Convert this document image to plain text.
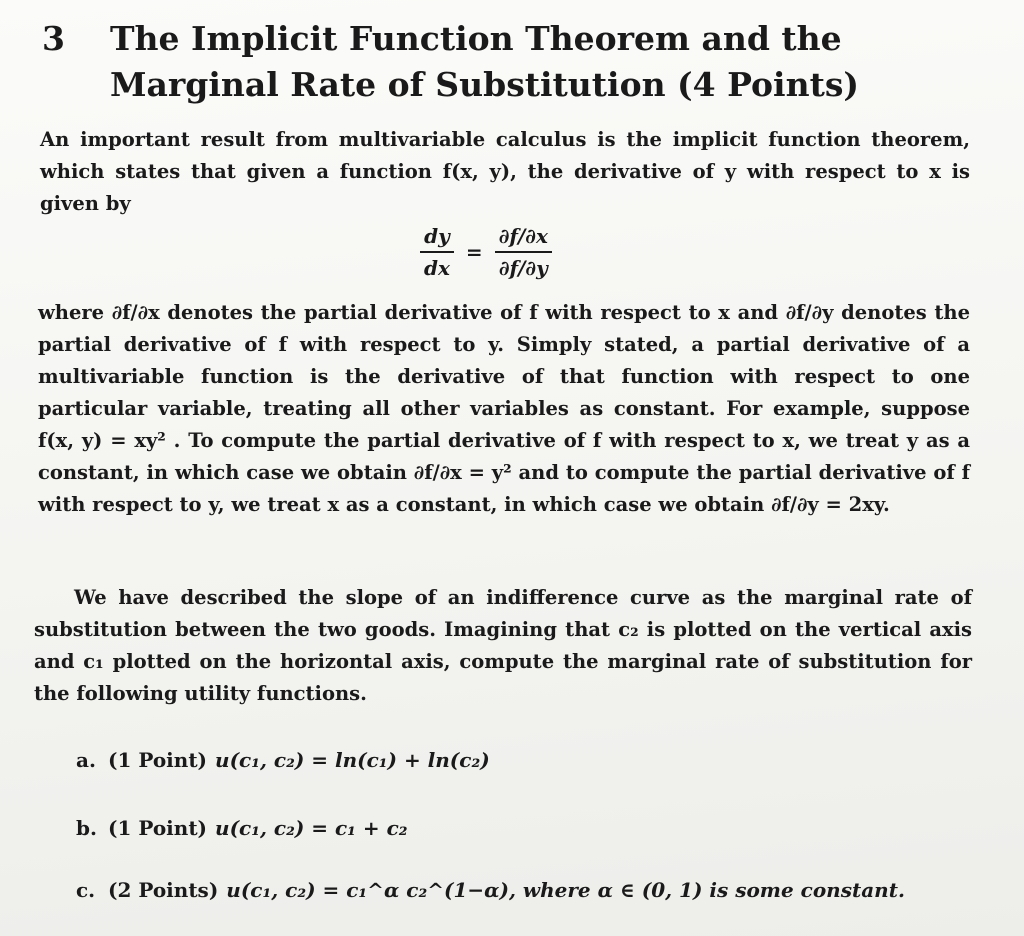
3	The Implicit Function Theorem and the Marginal Rate of Substitution (4 Points)
An important result from multivariable calculus is the implicit function theorem, which states that given a function f(x, y), the derivative of y with respect to x is given by
$\frac{dy}{dx} = \frac{\partial f/\partial x}{\partial f/\partial y}$
where ∂f/∂x denotes the partial derivative of f with respect to x and ∂f/∂y denotes the partial derivative of f with respect to y. Simply stated, a partial derivative of a multivariable function is the derivative of that function with respect to one particular variable, treating all other variables as constant. For example, suppose f(x, y) = xy² . To compute the partial derivative of f with respect to x, we treat y as a constant, in which case we obtain ∂f/∂x = y² and to compute the partial derivative of f with respect to y, we treat x as a constant, in which case we obtain ∂f/∂y = 2xy.
We have described the slope of an indifference curve as the marginal rate of substitution between the two goods. Imagining that c₂ is plotted on the vertical axis and c₁ plotted on the horizontal axis, compute the marginal rate of substitution for the following utility functions.
a. (1 Point) u(c₁, c₂) = ln(c₁) + ln(c₂)
b. (1 Point) u(c₁, c₂) = c₁ + c₂
c. (2 Points) u(c₁, c₂) = c₁^α c₂^(1−α), where α ∈ (0, 1) is some constant.
